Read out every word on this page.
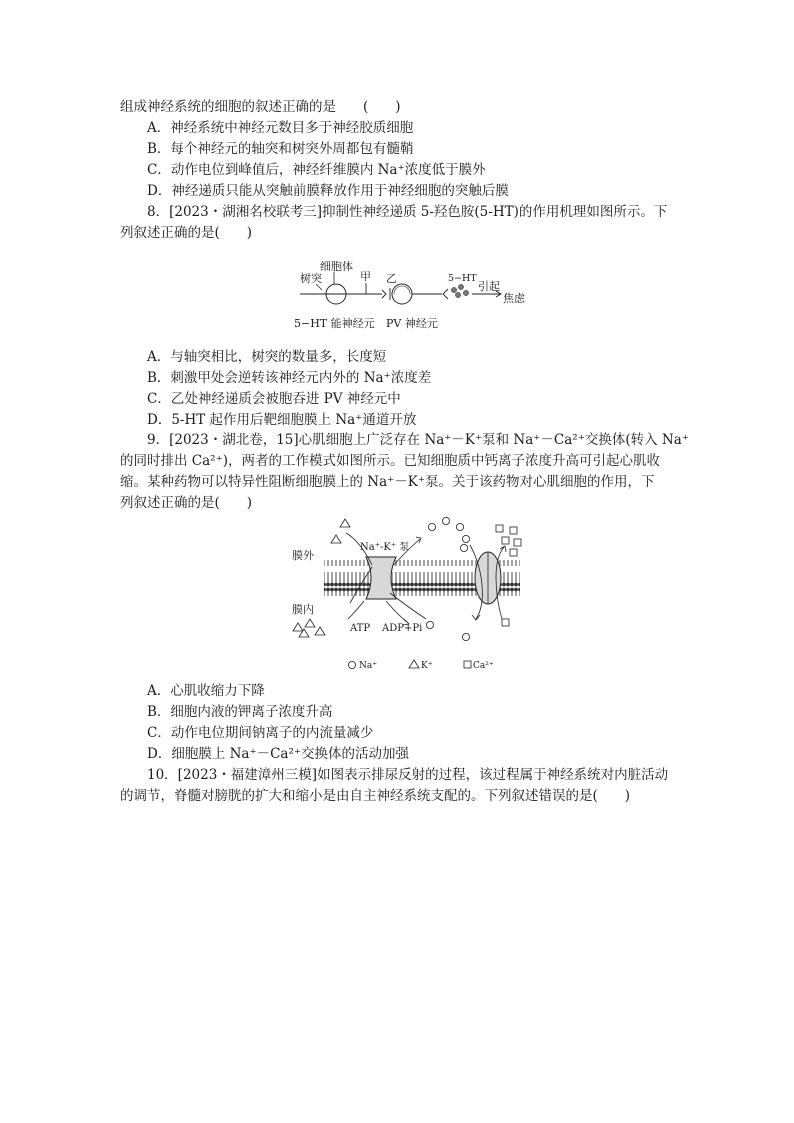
组成神经系统的细胞的叙述正确的是　　(　　)
A．神经系统中神经元数目多于神经胶质细胞
B．每个神经元的轴突和树突外周都包有髓鞘
C．动作电位到峰值后，神经纤维膜内 Na⁺浓度低于膜外
D．神经递质只能从突触前膜释放作用于神经细胞的突触后膜
8．[2023・湖湘名校联考三]抑制性神经递质 5-羟色胺(5-HT)的作用机理如图所示。下
列叙述正确的是(　　)
细胞体
甲
树突	乙	5−HT
引起
焦虑
5−HT 能神经元 PV 神经元
A．与轴突相比，树突的数量多，长度短
B．刺激甲处会逆转该神经元内外的 Na⁺浓度差
C．乙处神经递质会被胞吞进 PV 神经元中
D．5-HT 起作用后靶细胞膜上 Na⁺通道开放
9．[2023・湖北卷，15]心肌细胞上广泛存在 Na⁺－K⁺泵和 Na⁺－Ca²⁺交换体(转入 Na⁺
的同时排出 Ca²⁺)，两者的工作模式如图所示。已知细胞质中钙离子浓度升高可引起心肌收
缩。某种药物可以特异性阻断细胞膜上的 Na⁺－K⁺泵。关于该药物对心肌细胞的作用，下
列叙述正确的是(　　)
膜外
膜内
Na⁺-K⁺ 泵
ATP ADP+Pi
Na⁺	K⁺	Ca²⁺
A．心肌收缩力下降
B．细胞内液的钾离子浓度升高
C．动作电位期间钠离子的内流量减少
D．细胞膜上 Na⁺－Ca²⁺交换体的活动加强
10．[2023・福建漳州三模]如图表示排尿反射的过程，该过程属于神经系统对内脏活动
的调节，脊髓对膀胱的扩大和缩小是由自主神经系统支配的。下列叙述错误的是(　　)
